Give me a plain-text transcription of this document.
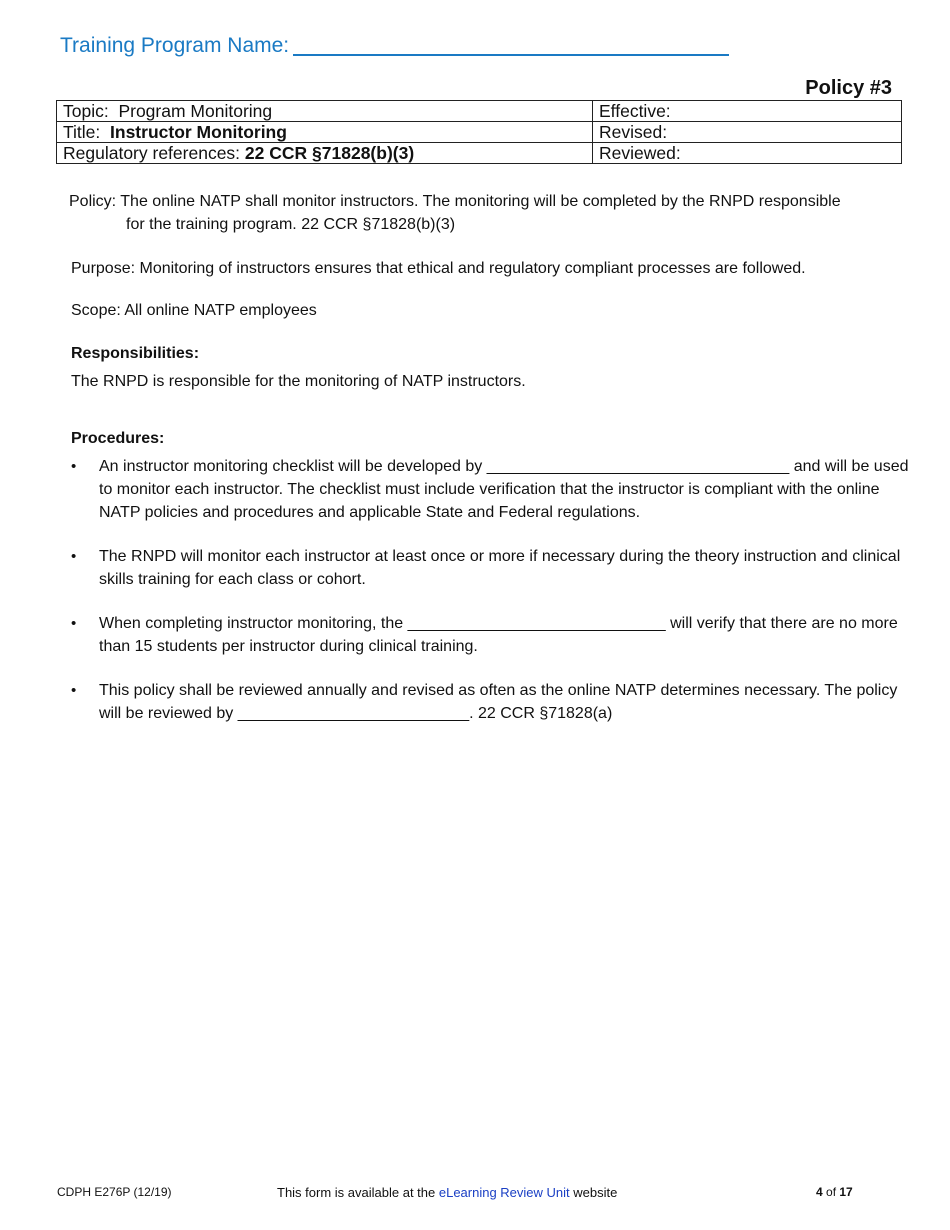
Training Program Name:
Policy #3
Topic: Program Monitoring	Effective:
Title: Instructor Monitoring	Revised:
Regulatory references: 22 CCR §71828(b)(3)	Reviewed:
Policy: The online NATP shall monitor instructors. The monitoring will be completed by the RNPD responsible
for the training program. 22 CCR §71828(b)(3)
Purpose: Monitoring of instructors ensures that ethical and regulatory compliant processes are followed.
Scope: All online NATP employees
Responsibilities:
The RNPD is responsible for the monitoring of NATP instructors.
Procedures:
• An instructor monitoring checklist will be developed by __________________________________ and will be used to monitor each instructor. The checklist must include verification that the instructor is compliant with the online NATP policies and procedures and applicable State and Federal regulations.
• The RNPD will monitor each instructor at least once or more if necessary during the theory instruction and clinical skills training for each class or cohort.
• When completing instructor monitoring, the _____________________________ will verify that there are no more than 15 students per instructor during clinical training.
• This policy shall be reviewed annually and revised as often as the online NATP determines necessary. The policy will be reviewed by __________________________. 22 CCR §71828(a)
CDPH E276P (12/19)	This form is available at the eLearning Review Unit website	4 of 17
